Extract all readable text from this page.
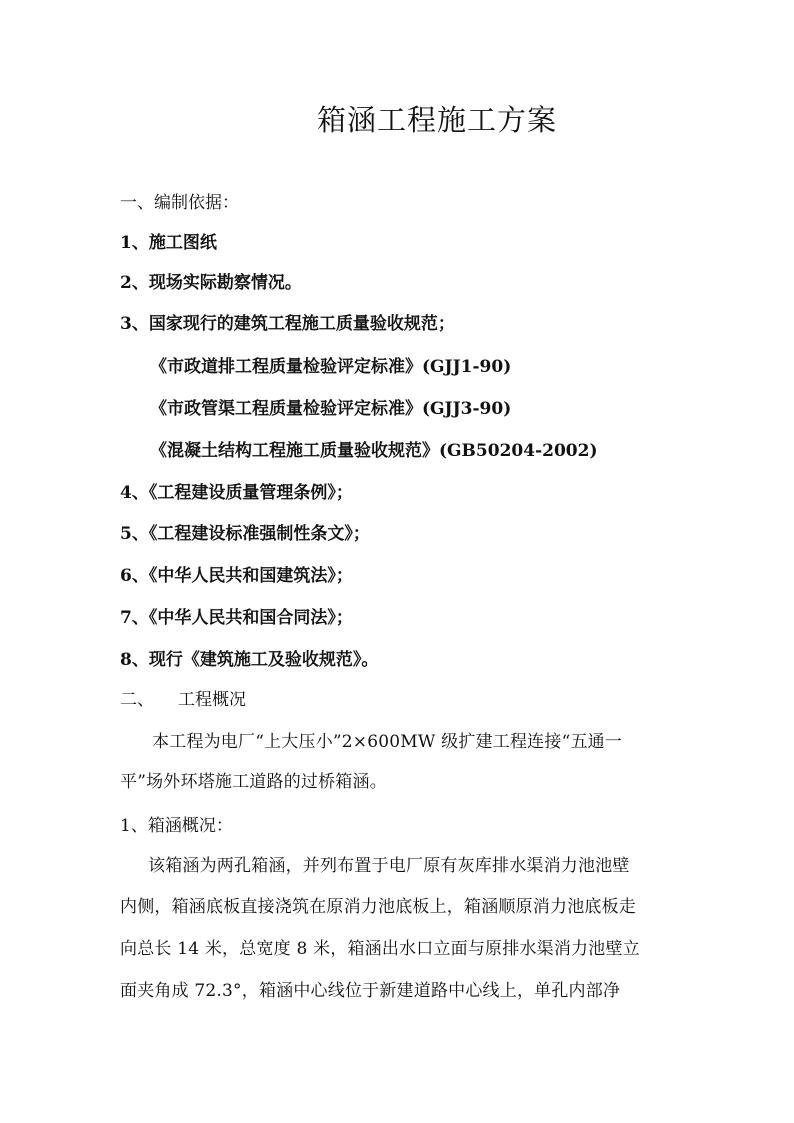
箱涵工程施工方案
一、编制依据：
1、施工图纸
2、现场实际勘察情况。
3、国家现行的建筑工程施工质量验收规范；
《市政道排工程质量检验评定标准》(GJJ1-90)
《市政管渠工程质量检验评定标准》(GJJ3-90)
《混凝土结构工程施工质量验收规范》(GB50204-2002)
4、《工程建设质量管理条例》；
5、《工程建设标准强制性条文》；
6、《中华人民共和国建筑法》；
7、《中华人民共和国合同法》；
8、现行《建筑施工及验收规范》。
二、 工程概况
本工程为电厂“上大压小”2×600MW 级扩建工程连接“五通一
平”场外环塔施工道路的过桥箱涵。
1、箱涵概况：
该箱涵为两孔箱涵，并列布置于电厂原有灰库排水渠消力池池壁
内侧，箱涵底板直接浇筑在原消力池底板上，箱涵顺原消力池底板走
向总长 14 米，总宽度 8 米，箱涵出水口立面与原排水渠消力池壁立
面夹角成 72.3°，箱涵中心线位于新建道路中心线上，单孔内部净
